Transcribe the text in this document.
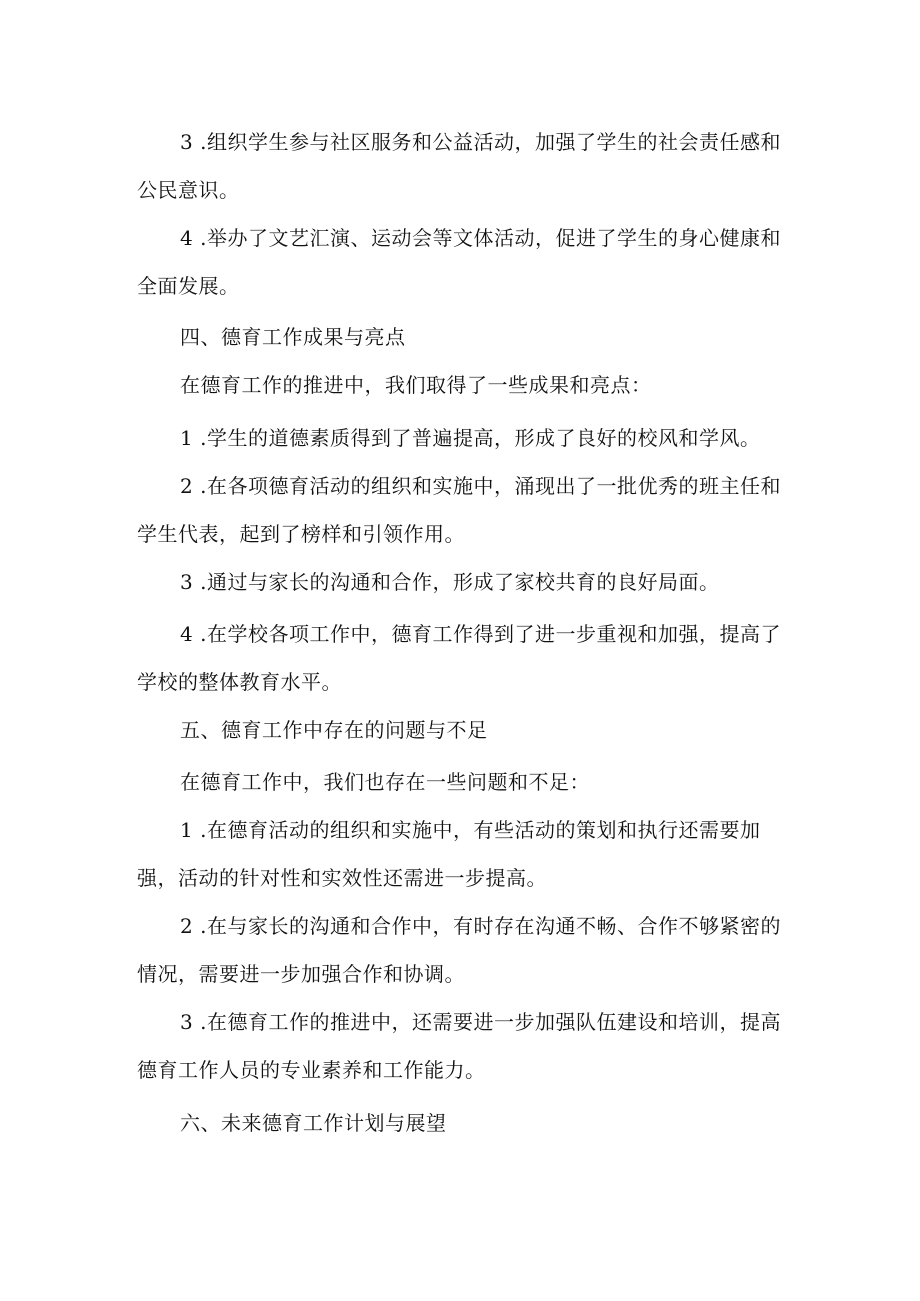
3 .组织学生参与社区服务和公益活动，加强了学生的社会责任感和公民意识。

4 .举办了文艺汇演、运动会等文体活动，促进了学生的身心健康和全面发展。

四、德育工作成果与亮点

在德育工作的推进中，我们取得了一些成果和亮点：

1 .学生的道德素质得到了普遍提高，形成了良好的校风和学风。

2 .在各项德育活动的组织和实施中，涌现出了一批优秀的班主任和学生代表，起到了榜样和引领作用。

3 .通过与家长的沟通和合作，形成了家校共育的良好局面。

4 .在学校各项工作中，德育工作得到了进一步重视和加强，提高了学校的整体教育水平。

五、德育工作中存在的问题与不足

在德育工作中，我们也存在一些问题和不足：

1 .在德育活动的组织和实施中，有些活动的策划和执行还需要加强，活动的针对性和实效性还需进一步提高。

2 .在与家长的沟通和合作中，有时存在沟通不畅、合作不够紧密的情况，需要进一步加强合作和协调。

3 .在德育工作的推进中，还需要进一步加强队伍建设和培训，提高德育工作人员的专业素养和工作能力。

六、未来德育工作计划与展望
